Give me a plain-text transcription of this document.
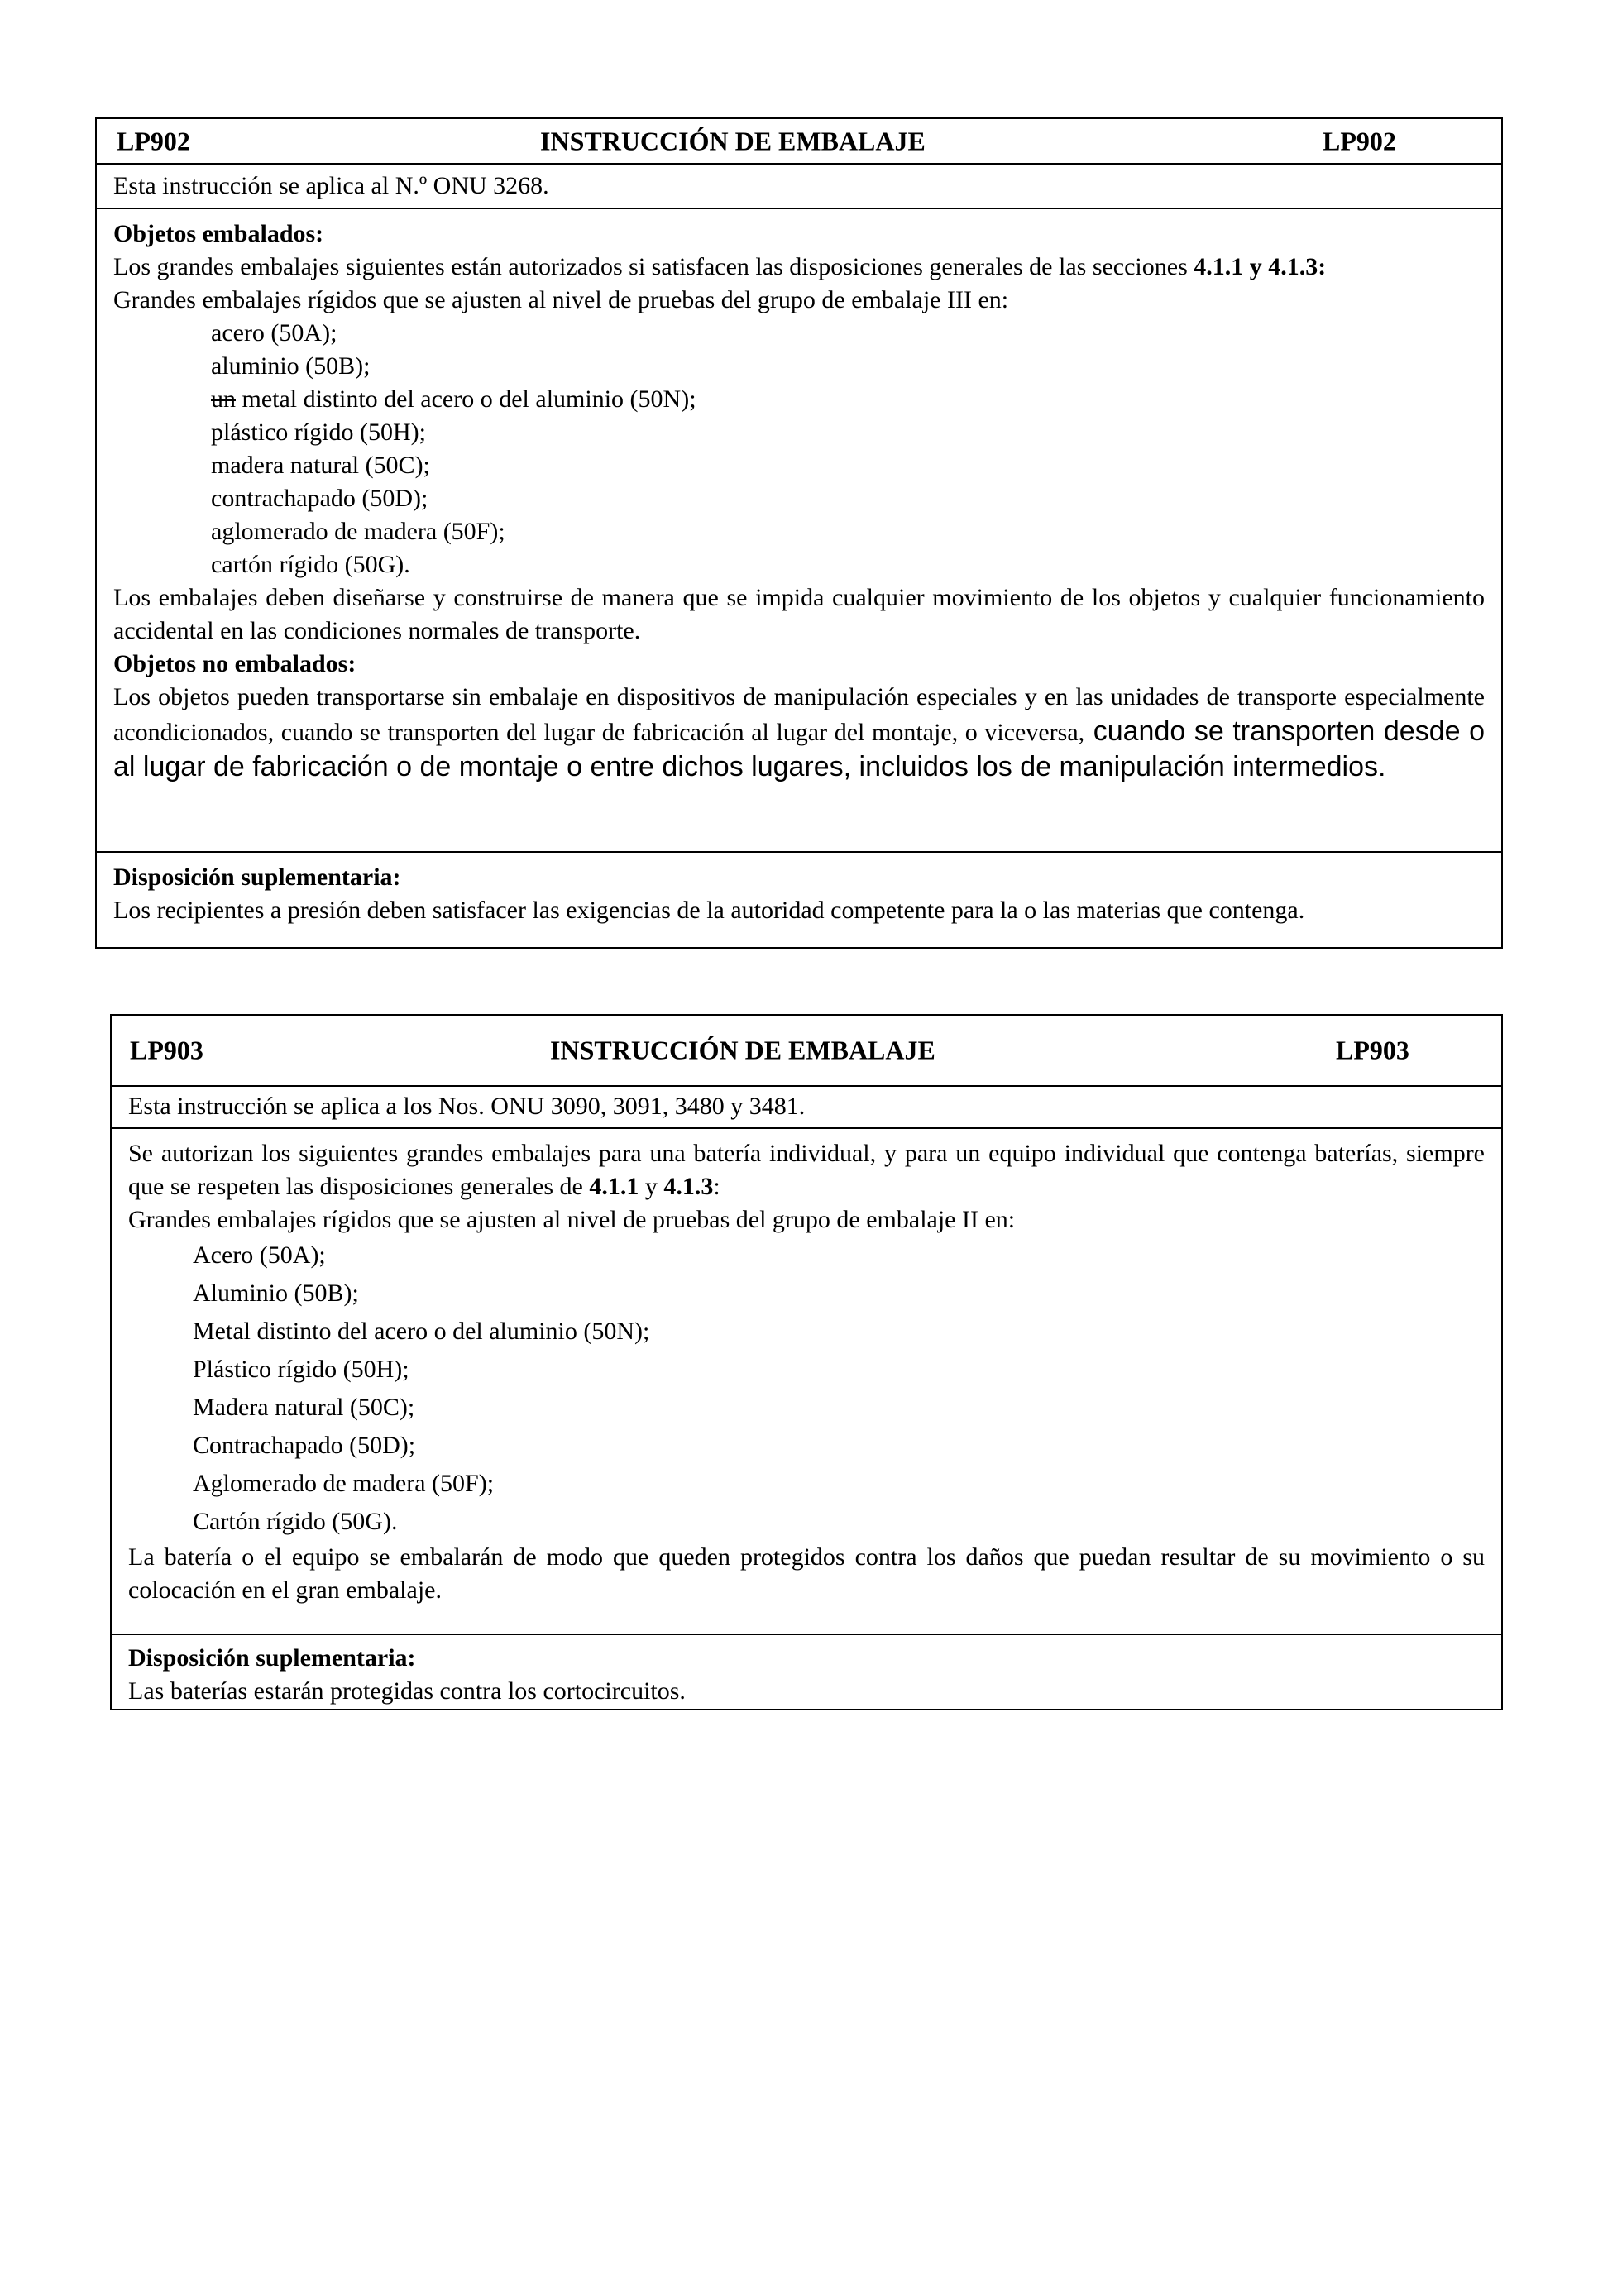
LP902	INSTRUCCIÓN DE EMBALAJE	LP902
Esta instrucción se aplica al N.º ONU 3268.
Objetos embalados:
Los grandes embalajes siguientes están autorizados si satisfacen las disposiciones generales de las secciones 4.1.1 y 4.1.3:
Grandes embalajes rígidos que se ajusten al nivel de pruebas del grupo de embalaje III en:
acero (50A);
aluminio (50B);
un metal distinto del acero o del aluminio (50N);
plástico rígido (50H);
madera natural (50C);
contrachapado (50D);
aglomerado de madera (50F);
cartón rígido (50G).
Los embalajes deben diseñarse y construirse de manera que se impida cualquier movimiento de los objetos y cualquier funcionamiento accidental en las condiciones normales de transporte.
Objetos no embalados:
Los objetos pueden transportarse sin embalaje en dispositivos de manipulación especiales y en las unidades de transporte especialmente acondicionados, cuando se transporten del lugar de fabricación al lugar del montaje, o viceversa, cuando se transporten desde o al lugar de fabricación o de montaje o entre dichos lugares, incluidos los de manipulación intermedios.
Disposición suplementaria:
Los recipientes a presión deben satisfacer las exigencias de la autoridad competente para la o las materias que contenga.
LP903	INSTRUCCIÓN DE EMBALAJE	LP903
Esta instrucción se aplica a los Nos. ONU 3090, 3091, 3480 y 3481.
Se autorizan los siguientes grandes embalajes para una batería individual, y para un equipo individual que contenga baterías, siempre que se respeten las disposiciones generales de 4.1.1 y 4.1.3:
Grandes embalajes rígidos que se ajusten al nivel de pruebas del grupo de embalaje II en:
Acero (50A);
Aluminio (50B);
Metal distinto del acero o del aluminio (50N);
Plástico rígido (50H);
Madera natural (50C);
Contrachapado (50D);
Aglomerado de madera (50F);
Cartón rígido (50G).
La batería o el equipo se embalarán de modo que queden protegidos contra los daños que puedan resultar de su movimiento o su colocación en el gran embalaje.
Disposición suplementaria:
Las baterías estarán protegidas contra los cortocircuitos.
